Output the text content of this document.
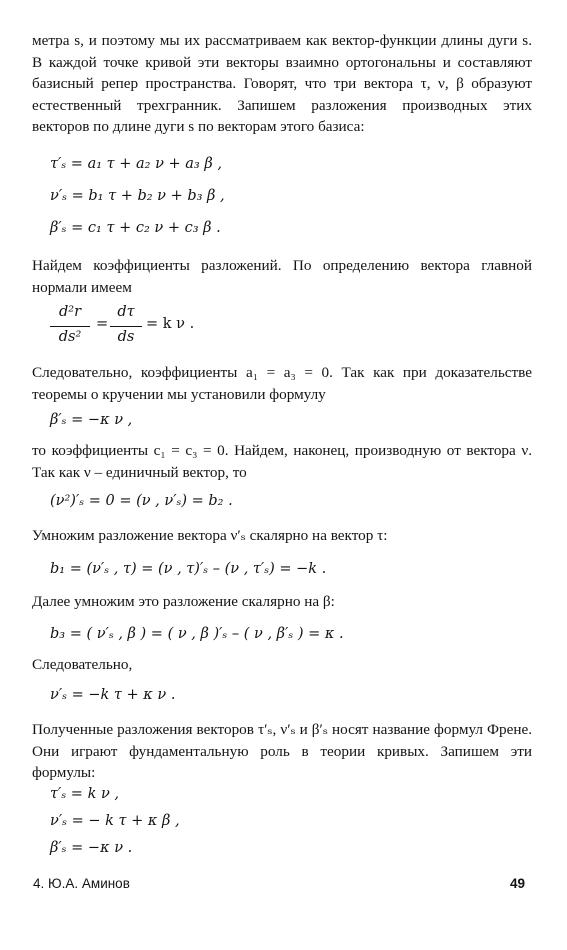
метра s, и поэтому мы их рассматриваем как вектор-функции длины дуги s. В каждой точке кривой эти векторы взаимно ортогональны и составляют базисный репер пространства. Говорят, что три вектора τ, ν, β образуют естественный трехгранник. Запишем разложения производных этих векторов по длине дуги s по векторам этого базиса:
τ′ₛ = a₁ τ + a₂ ν + a₃ β ,
ν′ₛ = b₁ τ + b₂ ν + b₃ β ,
β′ₛ = c₁ τ + c₂ ν + c₃ β .
Найдем коэффициенты разложений. По определению вектора главной нормали имеем
d²r
ds²
=
dτ
ds
= k ν .
Следовательно, коэффициенты a₁ = a₃ = 0. Так как при доказательстве теоремы о кручении мы установили формулу
β′ₛ = −κ ν ,
то коэффициенты c₁ = c₃ = 0. Найдем, наконец, производную от вектора ν. Так как ν – единичный вектор, то
(ν²)′ₛ = 0 = (ν , ν′ₛ) = b₂ .
Умножим разложение вектора ν′ₛ скалярно на вектор τ:
b₁ = (ν′ₛ , τ) = (ν , τ)′ₛ – (ν , τ′ₛ) = −k .
Далее умножим это разложение скалярно на β:
b₃ = ( ν′ₛ , β ) = ( ν , β )′ₛ – ( ν , β′ₛ ) = κ .
Следовательно,
ν′ₛ = −k τ + κ ν .
Полученные разложения векторов τ′ₛ, ν′ₛ и β′ₛ носят название формул Френе. Они играют фундаментальную роль в теории кривых. Запишем эти формулы:
τ′ₛ = k ν ,
ν′ₛ = − k τ + κ β ,
β′ₛ = −κ ν .
4. Ю.А. Аминов	49
